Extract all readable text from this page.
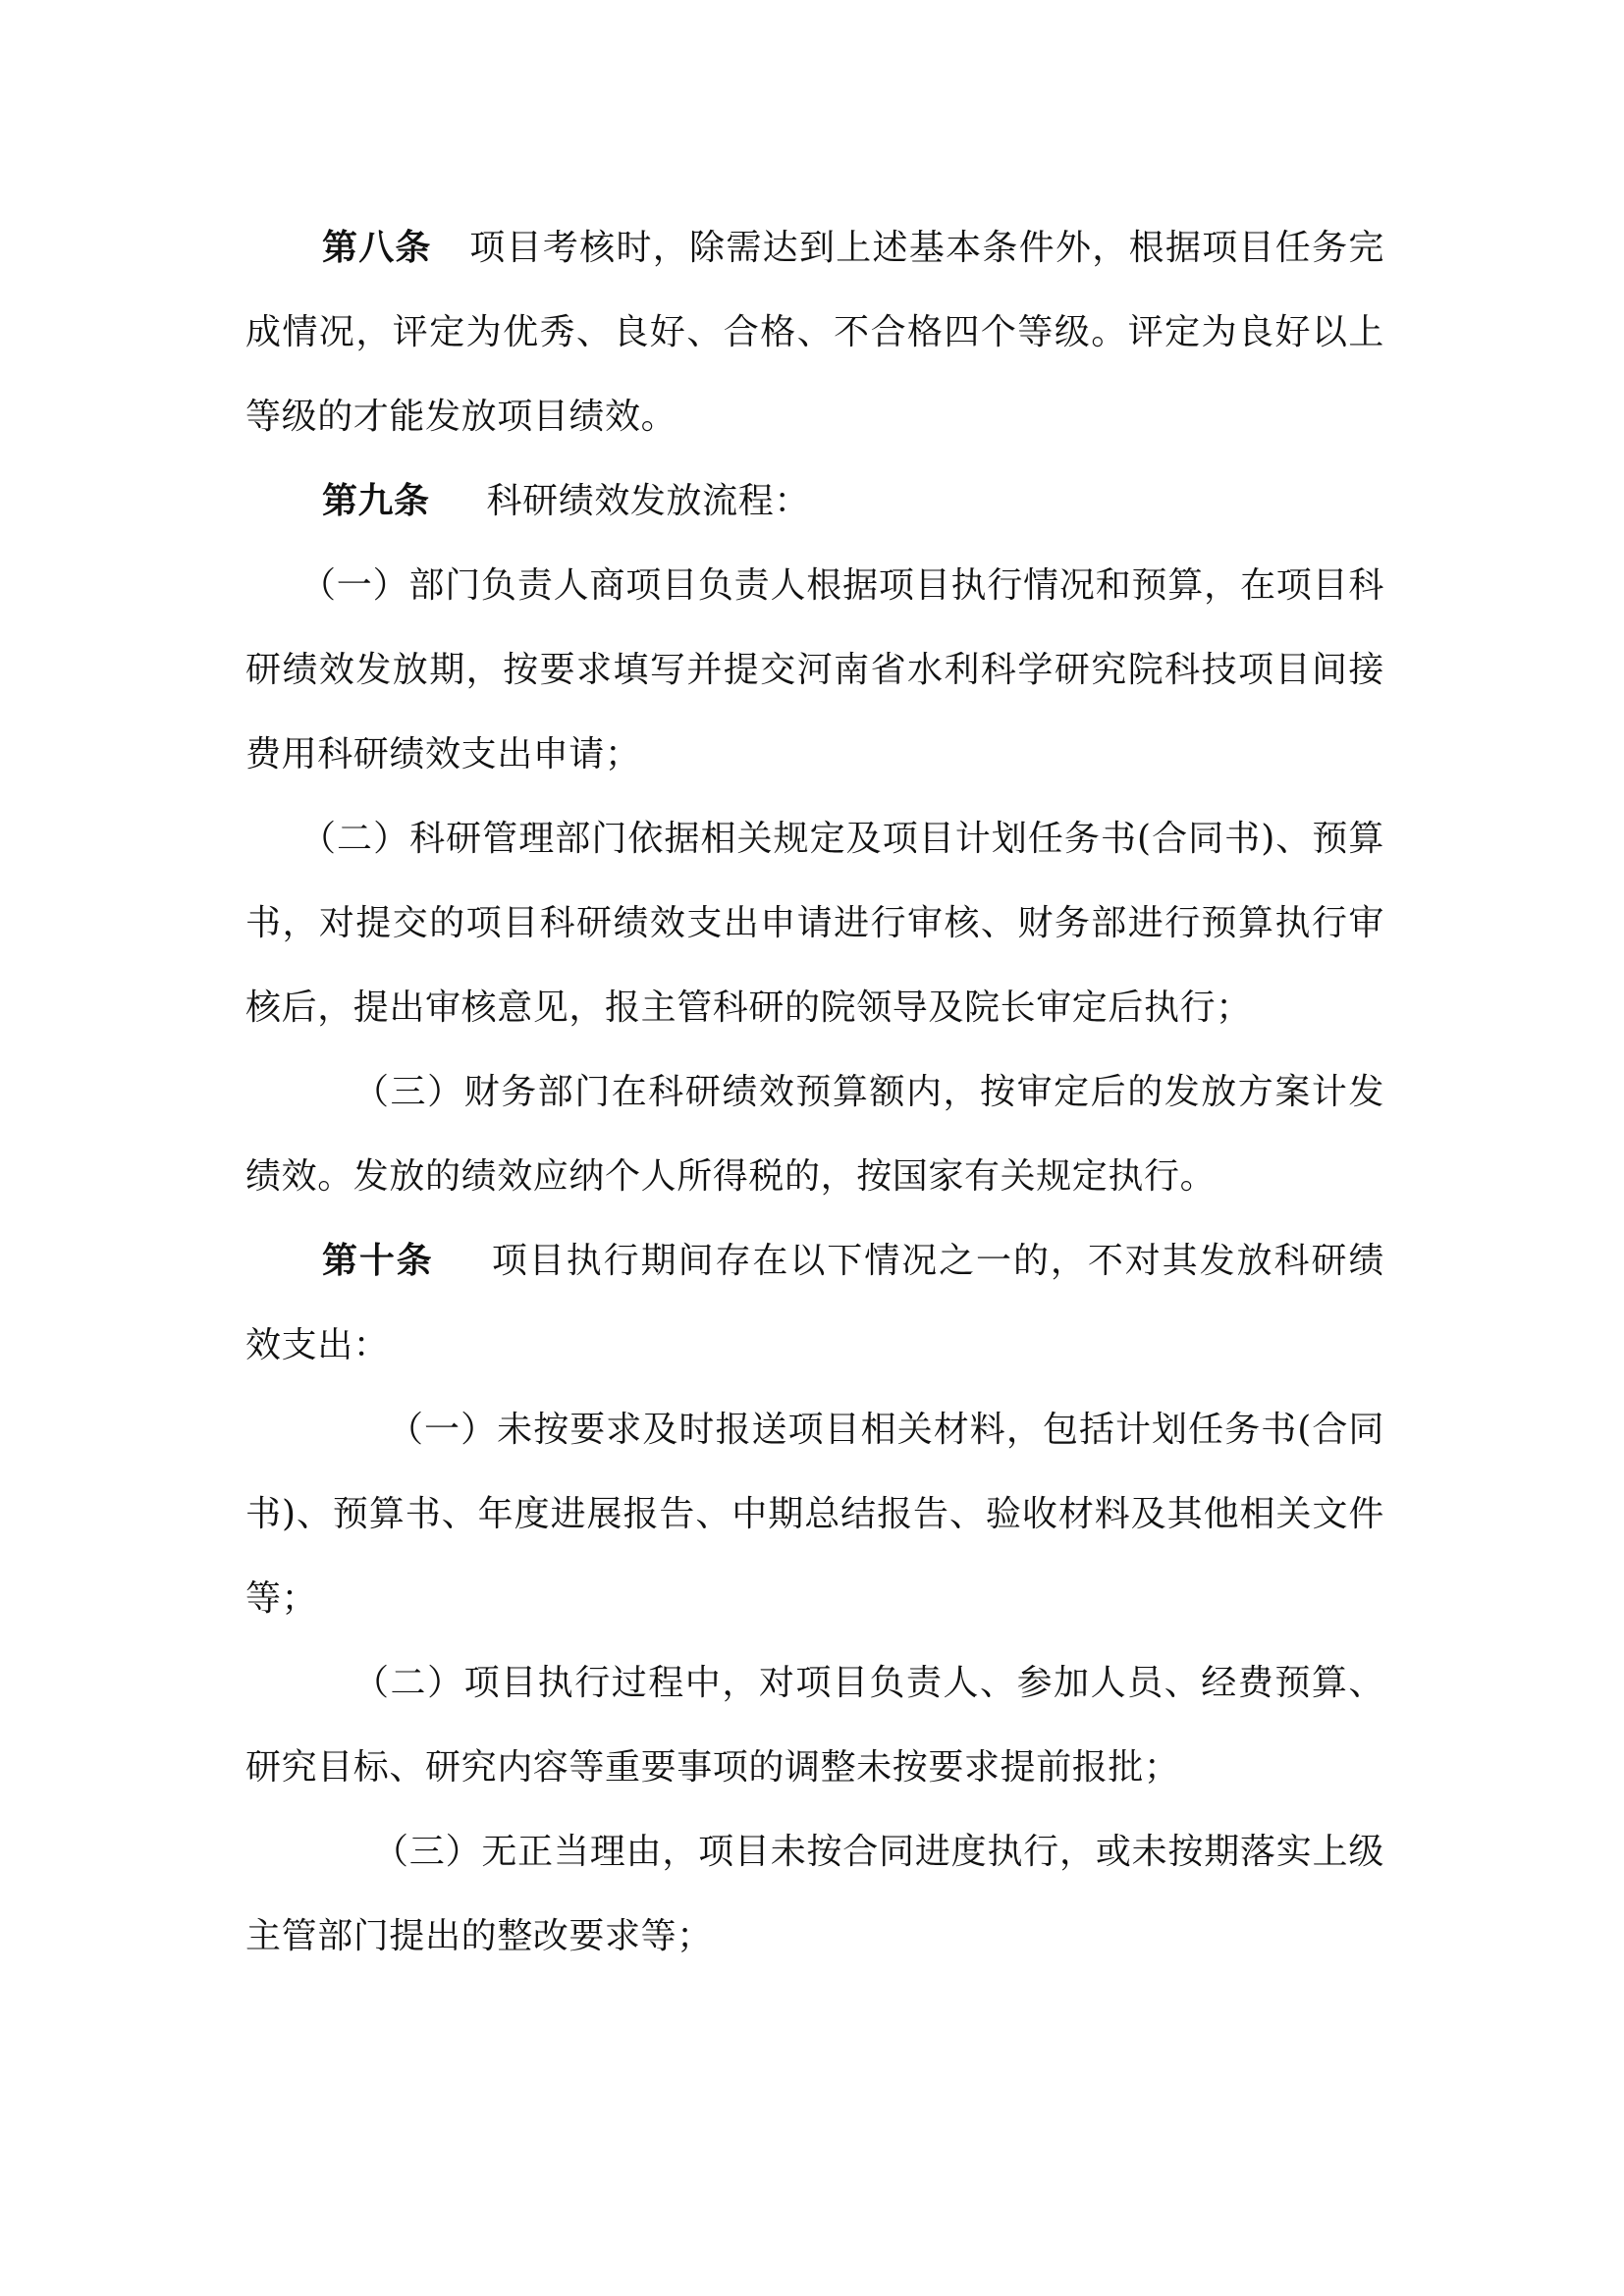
第八条 项目考核时，除需达到上述基本条件外，根据项目任务完成情况，评定为优秀、良好、合格、不合格四个等级。评定为良好以上等级的才能发放项目绩效。

第九条 科研绩效发放流程：

（一）部门负责人商项目负责人根据项目执行情况和预算，在项目科研绩效发放期，按要求填写并提交河南省水利科学研究院科技项目间接费用科研绩效支出申请；

（二）科研管理部门依据相关规定及项目计划任务书(合同书)、预算书，对提交的项目科研绩效支出申请进行审核、财务部进行预算执行审核后，提出审核意见，报主管科研的院领导及院长审定后执行；

（三）财务部门在科研绩效预算额内，按审定后的发放方案计发绩效。发放的绩效应纳个人所得税的，按国家有关规定执行。

第十条 项目执行期间存在以下情况之一的，不对其发放科研绩效支出：

（一）未按要求及时报送项目相关材料，包括计划任务书(合同书)、预算书、年度进展报告、中期总结报告、验收材料及其他相关文件等；

（二）项目执行过程中，对项目负责人、参加人员、经费预算、研究目标、研究内容等重要事项的调整未按要求提前报批；

（三）无正当理由，项目未按合同进度执行，或未按期落实上级主管部门提出的整改要求等；
